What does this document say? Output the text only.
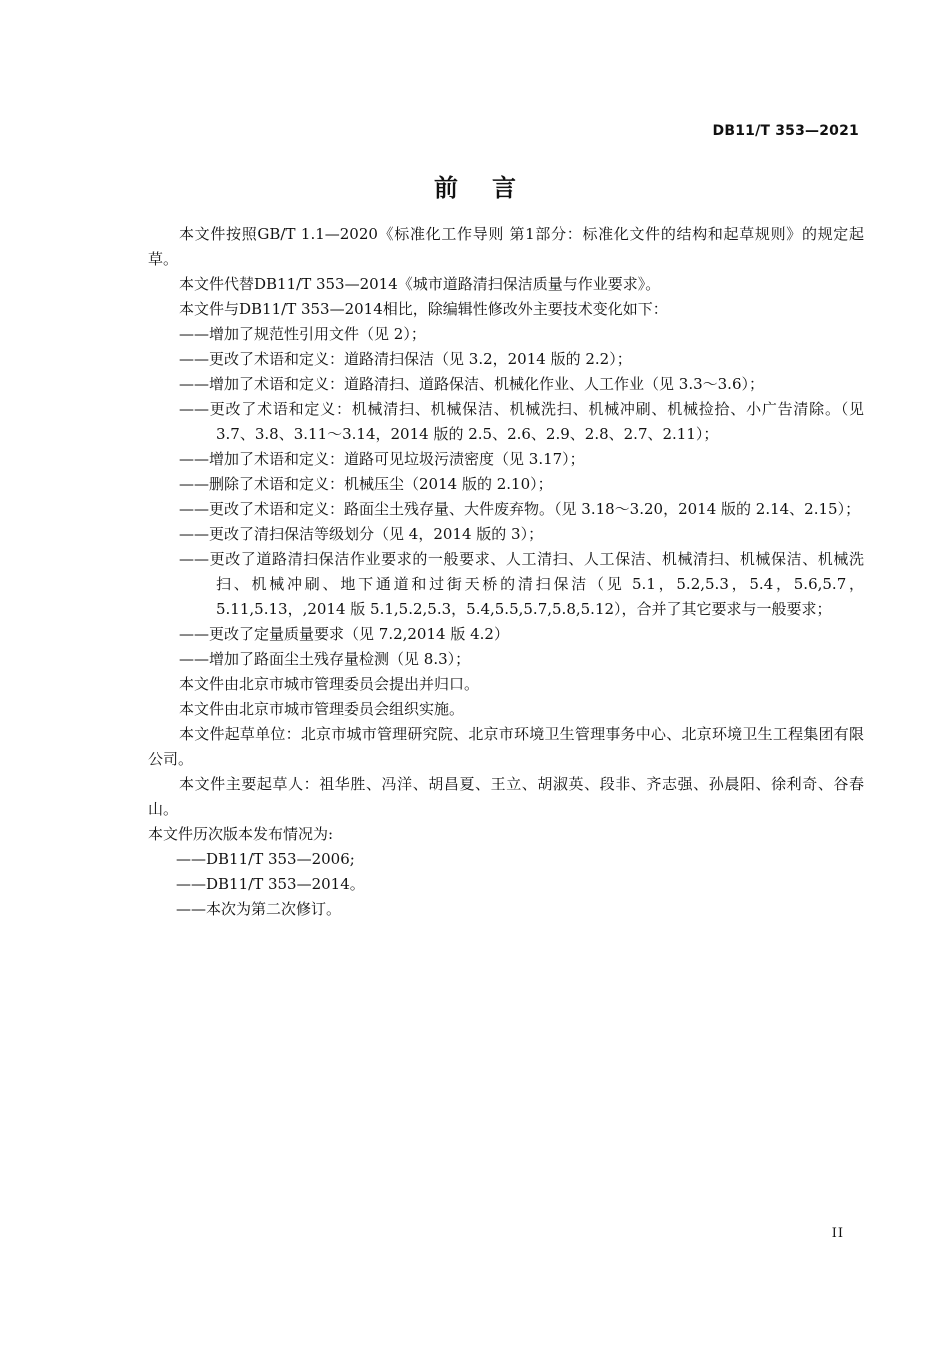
DB11/T 353—2021
前言

本文件按照GB/T 1.1—2020《标准化工作导则 第1部分：标准化文件的结构和起草规则》的规定起草。

本文件代替DB11/T 353—2014《城市道路清扫保洁质量与作业要求》。

本文件与DB11/T 353—2014相比，除编辑性修改外主要技术变化如下：

——增加了规范性引用文件（见 2）；

——更改了术语和定义：道路清扫保洁（见 3.2，2014 版的 2.2）；

——增加了术语和定义：道路清扫、道路保洁、机械化作业、人工作业（见 3.3～3.6）；

——更改了术语和定义：机械清扫、机械保洁、机械洗扫、机械冲刷、机械捡拾、小广告清除。（见 3.7、3.8、3.11～3.14，2014 版的 2.5、2.6、2.9、2.8、2.7、2.11）；

——增加了术语和定义：道路可见垃圾污渍密度（见 3.17）；

——删除了术语和定义：机械压尘（2014 版的 2.10）；

——更改了术语和定义：路面尘土残存量、大件废弃物。（见 3.18～3.20，2014 版的 2.14、2.15）；

——更改了清扫保洁等级划分（见 4，2014 版的 3）；

——更改了道路清扫保洁作业要求的一般要求、人工清扫、人工保洁、机械清扫、机械保洁、机械洗扫、机械冲刷、地下通道和过街天桥的清扫保洁（见 5.1，5.2,5.3，5.4，5.6,5.7，5.11,5.13，,2014 版 5.1,5.2,5.3，5.4,5.5,5.7,5.8,5.12），合并了其它要求与一般要求；

——更改了定量质量要求（见 7.2,2014 版 4.2）

——增加了路面尘土残存量检测（见 8.3）；

本文件由北京市城市管理委员会提出并归口。

本文件由北京市城市管理委员会组织实施。

本文件起草单位：北京市城市管理研究院、北京市环境卫生管理事务中心、北京环境卫生工程集团有限公司。

本文件主要起草人：祖华胜、冯洋、胡昌夏、王立、胡淑英、段非、齐志强、孙晨阳、徐利奇、谷春山。

本文件历次版本发布情况为:

——DB11/T 353—2006;

——DB11/T 353—2014。

——本次为第二次修订。

II
